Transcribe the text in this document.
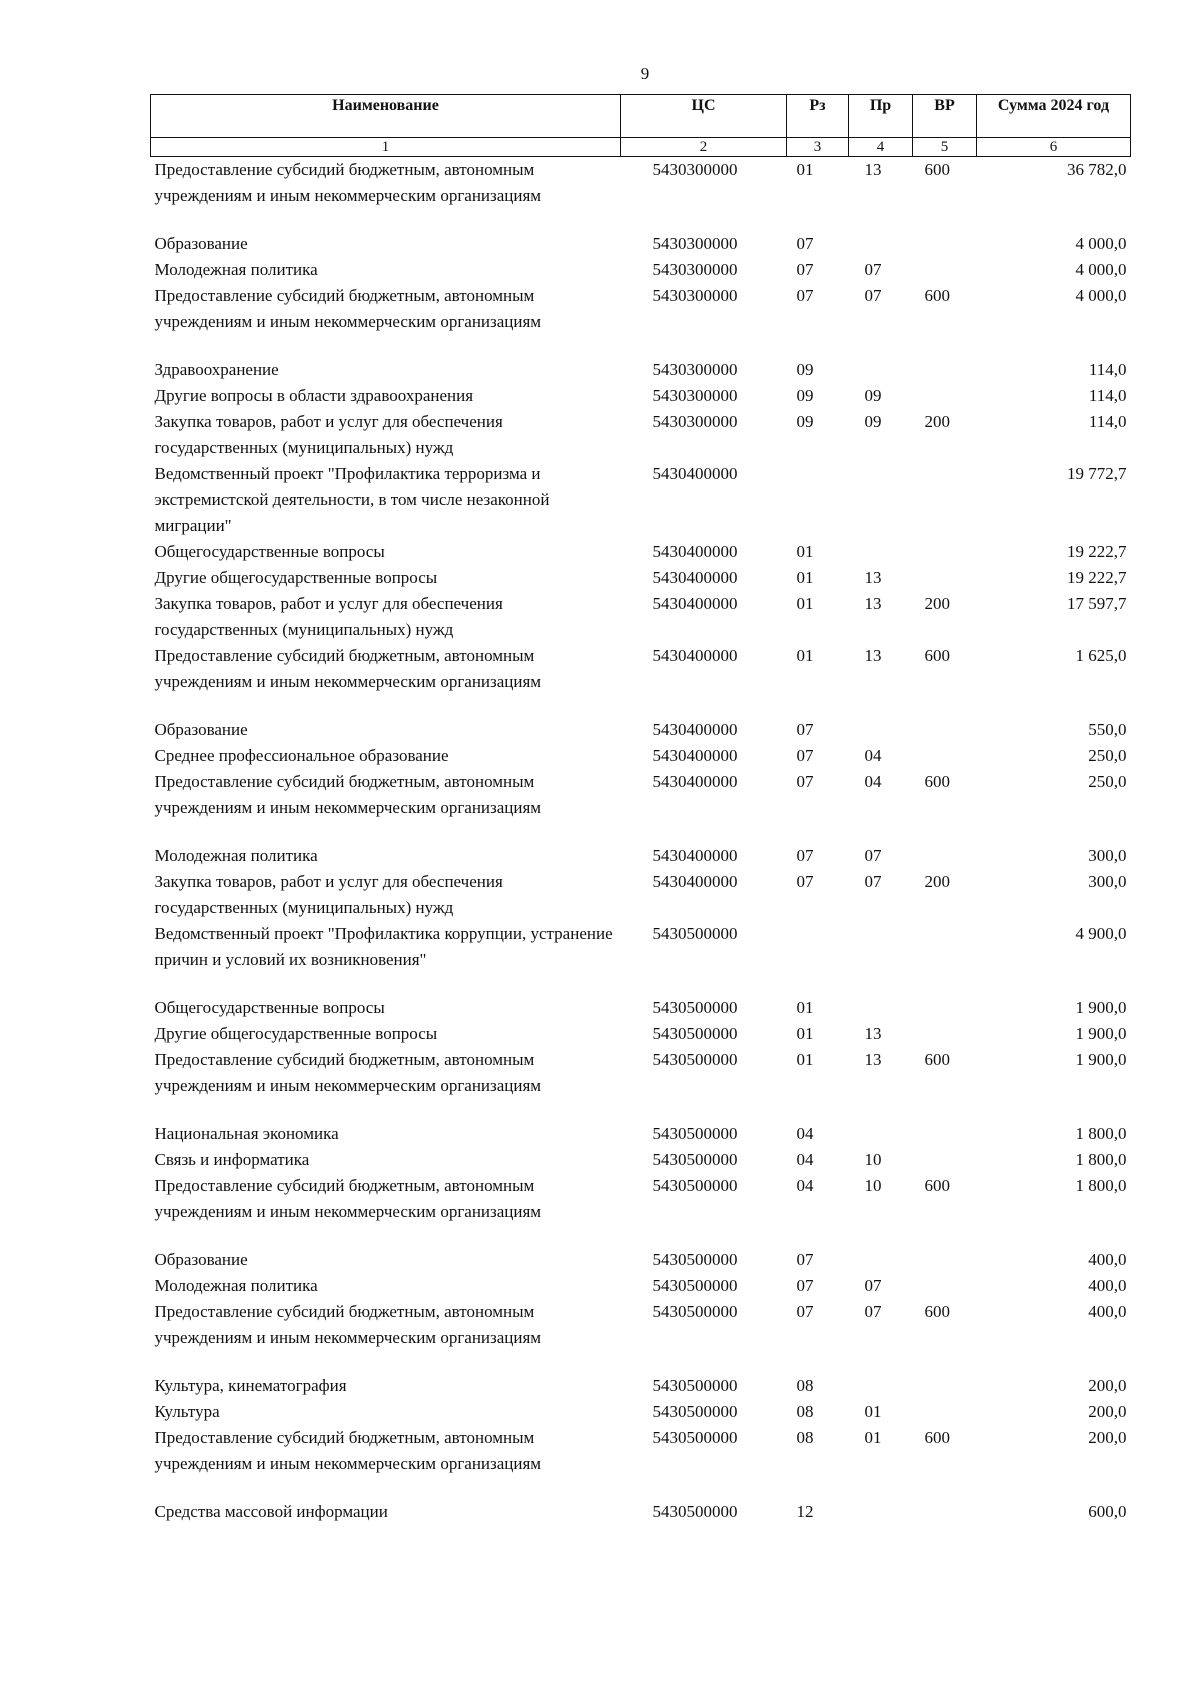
9
Наименование	ЦС	Рз	Пр	ВР	Сумма 2024 год
1	2	3	4	5	6
Предоставление субсидий бюджетным, автономным учреждениям и иным некоммерческим организациям	5430300000	01	13	600	36 782,0

Образование	5430300000	07			4 000,0
Молодежная политика	5430300000	07	07		4 000,0
Предоставление субсидий бюджетным, автономным учреждениям и иным некоммерческим организациям	5430300000	07	07	600	4 000,0

Здравоохранение	5430300000	09			114,0
Другие вопросы в области здравоохранения	5430300000	09	09		114,0
Закупка товаров, работ и услуг для обеспечения государственных (муниципальных) нужд	5430300000	09	09	200	114,0
Ведомственный проект "Профилактика терроризма и экстремистской деятельности, в том числе незаконной миграции"	5430400000				19 772,7
Общегосударственные вопросы	5430400000	01			19 222,7
Другие общегосударственные вопросы	5430400000	01	13		19 222,7
Закупка товаров, работ и услуг для обеспечения государственных (муниципальных) нужд	5430400000	01	13	200	17 597,7
Предоставление субсидий бюджетным, автономным учреждениям и иным некоммерческим организациям	5430400000	01	13	600	1 625,0

Образование	5430400000	07			550,0
Среднее профессиональное образование	5430400000	07	04		250,0
Предоставление субсидий бюджетным, автономным учреждениям и иным некоммерческим организациям	5430400000	07	04	600	250,0

Молодежная политика	5430400000	07	07		300,0
Закупка товаров, работ и услуг для обеспечения государственных (муниципальных) нужд	5430400000	07	07	200	300,0
Ведомственный проект "Профилактика коррупции, устранение причин и условий их возникновения"	5430500000				4 900,0

Общегосударственные вопросы	5430500000	01			1 900,0
Другие общегосударственные вопросы	5430500000	01	13		1 900,0
Предоставление субсидий бюджетным, автономным учреждениям и иным некоммерческим организациям	5430500000	01	13	600	1 900,0

Национальная экономика	5430500000	04			1 800,0
Связь и информатика	5430500000	04	10		1 800,0
Предоставление субсидий бюджетным, автономным учреждениям и иным некоммерческим организациям	5430500000	04	10	600	1 800,0

Образование	5430500000	07			400,0
Молодежная политика	5430500000	07	07		400,0
Предоставление субсидий бюджетным, автономным учреждениям и иным некоммерческим организациям	5430500000	07	07	600	400,0

Культура, кинематография	5430500000	08			200,0
Культура	5430500000	08	01		200,0
Предоставление субсидий бюджетным, автономным учреждениям и иным некоммерческим организациям	5430500000	08	01	600	200,0

Средства массовой информации	5430500000	12			600,0
